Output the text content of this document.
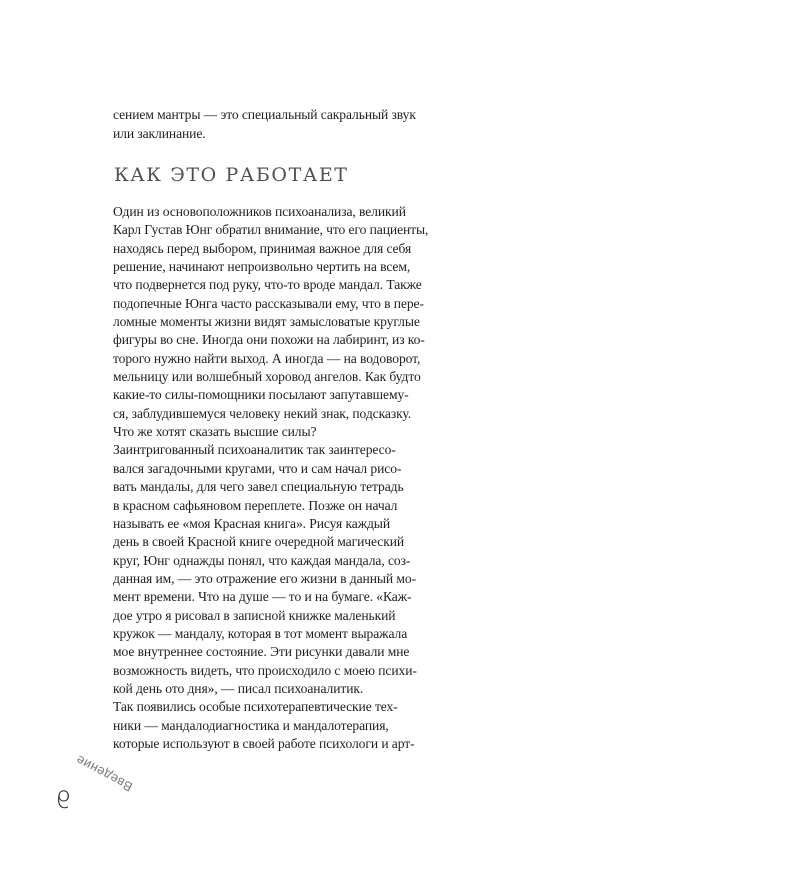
сением мантры — это специальный сакральный звук
или заклинание.
КАК ЭТО РАБОТАЕТ
Один из основоположников психоанализа, великий
Карл Густав Юнг обратил внимание, что его пациенты,
находясь перед выбором, принимая важное для себя
решение, начинают непроизвольно чертить на всем,
что подвернется под руку, что-то вроде мандал. Также
подопечные Юнга часто рассказывали ему, что в пере-
ломные моменты жизни видят замысловатые круглые
фигуры во сне. Иногда они похожи на лабиринт, из ко-
торого нужно найти выход. А иногда — на водоворот,
мельницу или волшебный хоровод ангелов. Как будто
какие-то силы-помощники посылают запутавшему-
ся, заблудившемуся человеку некий знак, подсказку.
Что же хотят сказать высшие силы?
Заинтригованный психоаналитик так заинтересо-
вался загадочными кругами, что и сам начал рисо-
вать мандалы, для чего завел специальную тетрадь
в красном сафьяновом переплете. Позже он начал
называть ее «моя Красная книга». Рисуя каждый
день в своей Красной книге очередной магический
круг, Юнг однажды понял, что каждая мандала, соз-
данная им, — это отражение его жизни в данный мо-
мент времени. Что на душе — то и на бумаге. «Каж-
дое утро я рисовал в записной книжке маленький
кружок — мандалу, которая в тот момент выражала
мое внутреннее состояние. Эти рисунки давали мне
возможность видеть, что происходило с моею психи-
кой день ото дня», — писал психоаналитик.
Так появились особые психотерапевтические тех-
ники — мандалодиагностика и мандалотерапия,
которые используют в своей работе психологи и арт-
Введение
9
